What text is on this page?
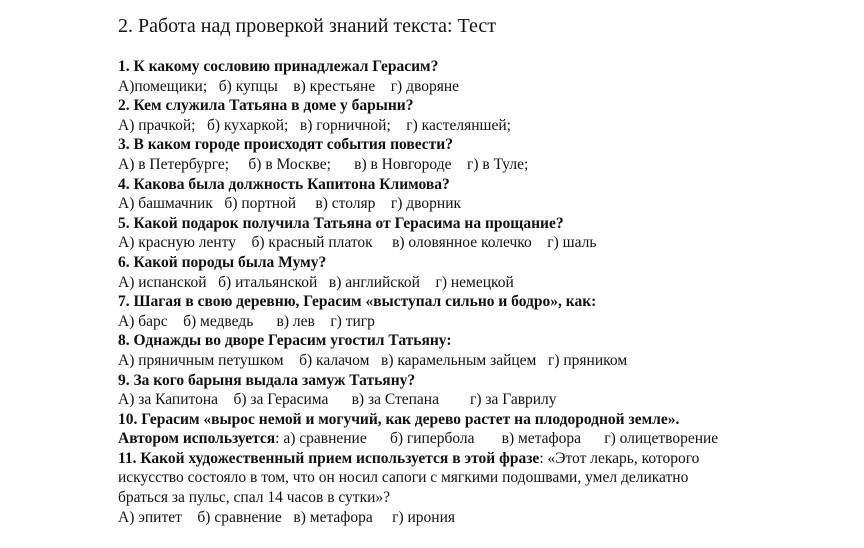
2. Работа над проверкой знаний текста: Тест
1. К какому сословию принадлежал Герасим?
А)помещики;   б) купцы    в) крестьяне    г) дворяне
2. Кем служила Татьяна в доме у барыни?
А) прачкой;   б) кухаркой;   в) горничной;    г) кастеляншей;
3. В каком городе происходят события повести?
А) в Петербурге;     б) в Москве;      в) в Новгороде    г) в Туле;
4. Какова была должность Капитона Климова?
А) башмачник   б) портной     в) столяр    г) дворник
5. Какой подарок получила Татьяна от Герасима на прощание?
А) красную ленту    б) красный платок     в) оловянное колечко    г) шаль
6. Какой породы была Муму?
А) испанской   б) итальянской   в) английской    г) немецкой
7. Шагая в свою деревню, Герасим «выступал сильно и бодро», как:
А) барс    б) медведь      в) лев    г) тигр
8. Однажды во дворе Герасим угостил Татьяну:
А) пряничным петушком    б) калачом   в) карамельным зайцем   г) пряником
9. За кого барыня выдала замуж Татьяну?
А) за Капитона    б) за Герасима      в) за Степана        г) за Гаврилу
10. Герасим «вырос немой и могучий, как дерево растет на плодородной земле».
Автором используется: а) сравнение      б) гипербола       в) метафора      г) олицетворение
11. Какой художественный прием используется в этой фразе: «Этот лекарь, которого
искусство состояло в том, что он носил сапоги с мягкими подошвами, умел деликатно
браться за пульс, спал 14 часов в сутки»?
А) эпитет    б) сравнение   в) метафора     г) ирония
